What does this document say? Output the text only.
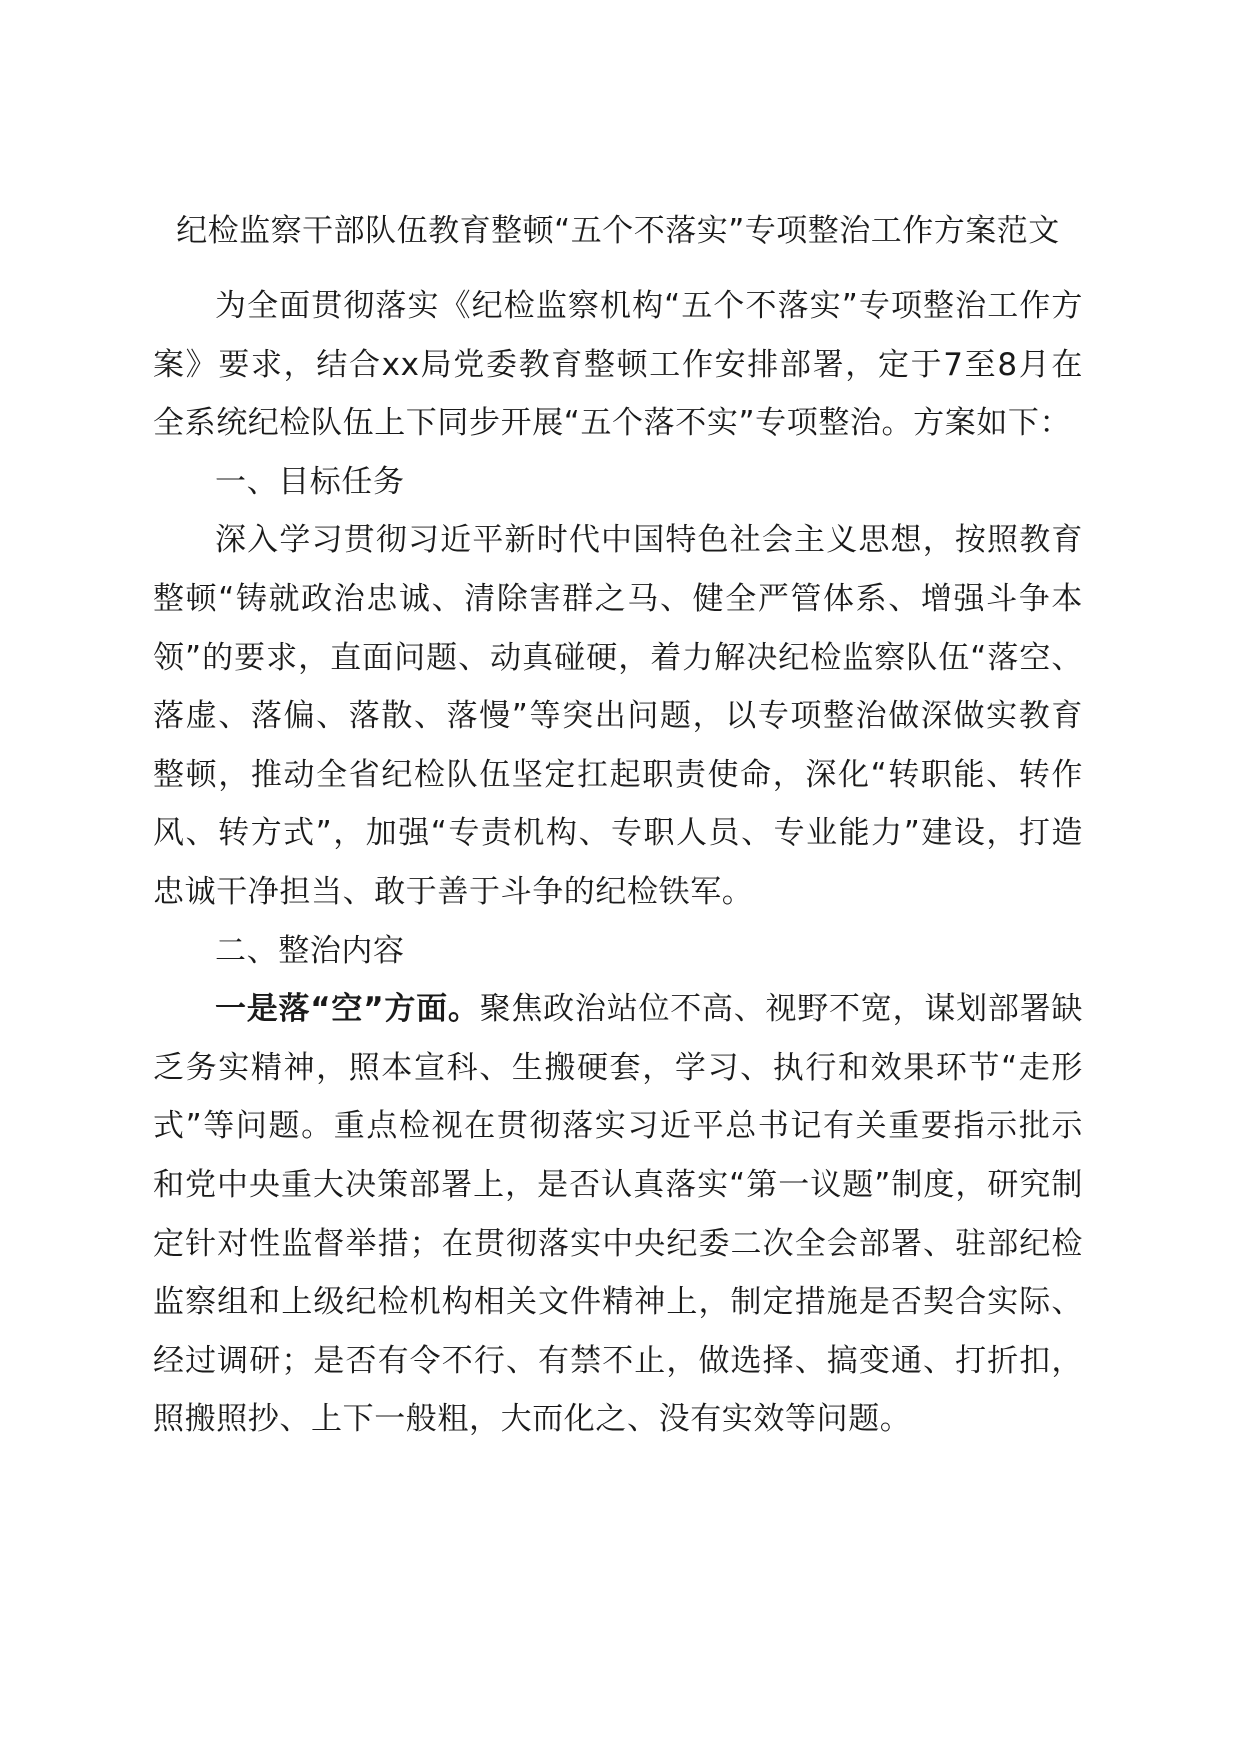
纪检监察干部队伍教育整顿“五个不落实”专项整治工作方案范文

为全面贯彻落实《纪检监察机构“五个不落实”专项整治工作方案》要求，结合xx局党委教育整顿工作安排部署，定于7至8月在全系统纪检队伍上下同步开展“五个落不实”专项整治。方案如下：

一、目标任务

深入学习贯彻习近平新时代中国特色社会主义思想，按照教育整顿“铸就政治忠诚、清除害群之马、健全严管体系、增强斗争本领”的要求，直面问题、动真碰硬，着力解决纪检监察队伍“落空、落虚、落偏、落散、落慢”等突出问题，以专项整治做深做实教育整顿，推动全省纪检队伍坚定扛起职责使命，深化“转职能、转作风、转方式”，加强“专责机构、专职人员、专业能力”建设，打造忠诚干净担当、敢于善于斗争的纪检铁军。

二、整治内容

一是落“空”方面。聚焦政治站位不高、视野不宽，谋划部署缺乏务实精神，照本宣科、生搬硬套，学习、执行和效果环节“走形式”等问题。重点检视在贯彻落实习近平总书记有关重要指示批示和党中央重大决策部署上，是否认真落实“第一议题”制度，研究制定针对性监督举措；在贯彻落实中央纪委二次全会部署、驻部纪检监察组和上级纪检机构相关文件精神上，制定措施是否契合实际、经过调研；是否有令不行、有禁不止，做选择、搞变通、打折扣，照搬照抄、上下一般粗，大而化之、没有实效等问题。
